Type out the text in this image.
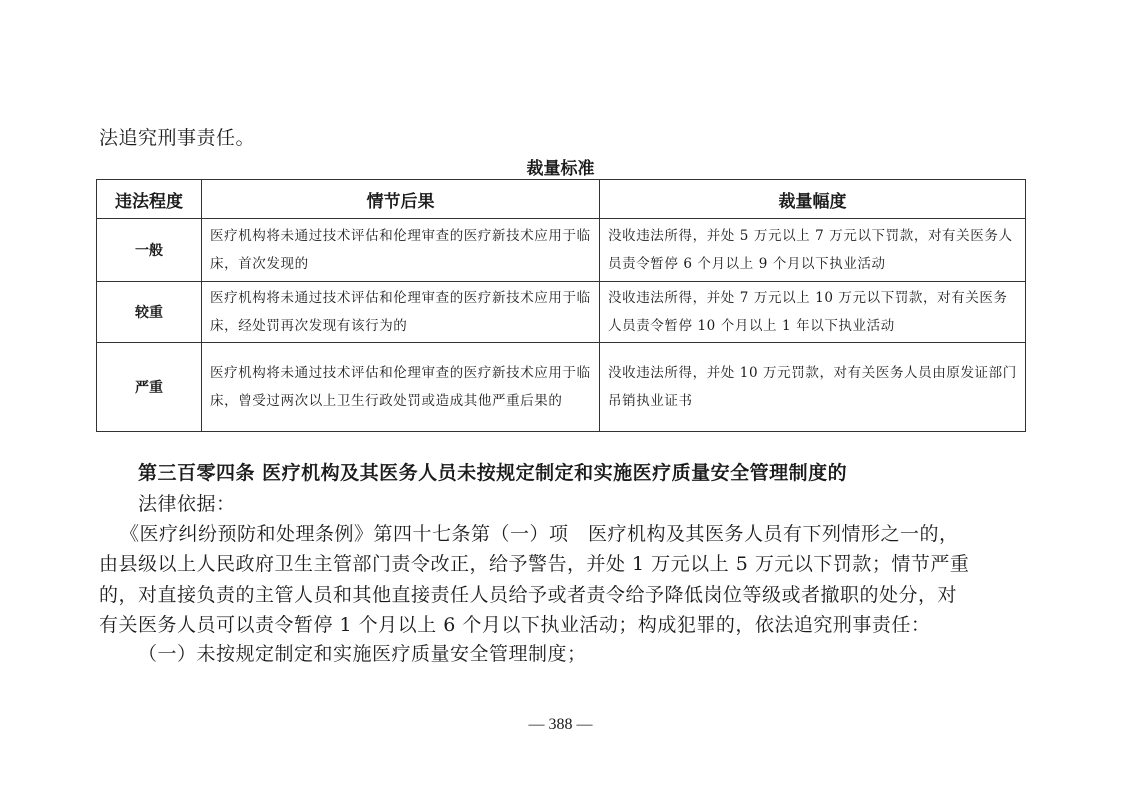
法追究刑事责任。
裁量标准
违法程度	情节后果	裁量幅度
一般	医疗机构将未通过技术评估和伦理审查的医疗新技术应用于临床，首次发现的	没收违法所得，并处 5 万元以上 7 万元以下罚款，对有关医务人员责令暂停 6 个月以上 9 个月以下执业活动
较重	医疗机构将未通过技术评估和伦理审查的医疗新技术应用于临床，经处罚再次发现有该行为的	没收违法所得，并处 7 万元以上 10 万元以下罚款，对有关医务人员责令暂停 10 个月以上 1 年以下执业活动
严重	医疗机构将未通过技术评估和伦理审查的医疗新技术应用于临床，曾受过两次以上卫生行政处罚或造成其他严重后果的	没收违法所得，并处 10 万元罚款，对有关医务人员由原发证部门吊销执业证书
第三百零四条 医疗机构及其医务人员未按规定制定和实施医疗质量安全管理制度的
法律依据：
《医疗纠纷预防和处理条例》第四十七条第（一）项　医疗机构及其医务人员有下列情形之一的，
由县级以上人民政府卫生主管部门责令改正，给予警告，并处 1 万元以上 5 万元以下罚款；情节严重
的，对直接负责的主管人员和其他直接责任人员给予或者责令给予降低岗位等级或者撤职的处分，对
有关医务人员可以责令暂停 1 个月以上 6 个月以下执业活动；构成犯罪的，依法追究刑事责任：
（一）未按规定制定和实施医疗质量安全管理制度；
— 388 —
